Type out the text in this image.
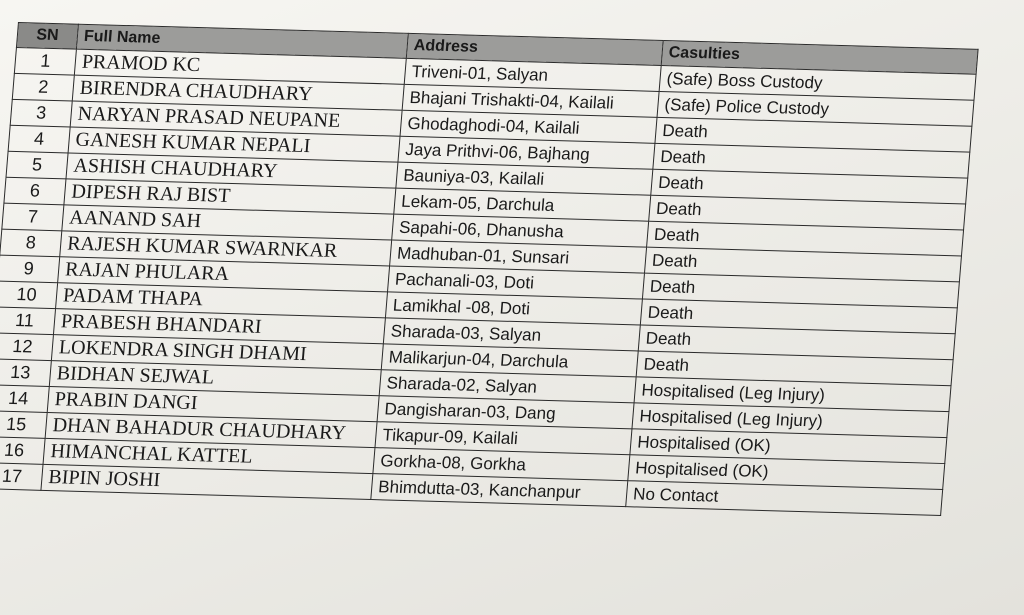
SN	Full Name	Address	Casulties
1	PRAMOD KC	Triveni-01, Salyan	(Safe) Boss Custody
2	BIRENDRA CHAUDHARY	Bhajani Trishakti-04, Kailali	(Safe) Police Custody
3	NARYAN PRASAD NEUPANE	Ghodaghodi-04, Kailali	Death
4	GANESH KUMAR NEPALI	Jaya Prithvi-06, Bajhang	Death
5	ASHISH CHAUDHARY	Bauniya-03, Kailali	Death
6	DIPESH RAJ BIST	Lekam-05, Darchula	Death
7	AANAND SAH	Sapahi-06, Dhanusha	Death
8	RAJESH KUMAR SWARNKAR	Madhuban-01, Sunsari	Death
9	RAJAN PHULARA	Pachanali-03, Doti	Death
10	PADAM THAPA	Lamikhal -08, Doti	Death
11	PRABESH BHANDARI	Sharada-03, Salyan	Death
12	LOKENDRA SINGH DHAMI	Malikarjun-04, Darchula	Death
13	BIDHAN SEJWAL	Sharada-02, Salyan	Hospitalised (Leg Injury)
14	PRABIN DANGI	Dangisharan-03, Dang	Hospitalised (Leg Injury)
15	DHAN BAHADUR CHAUDHARY	Tikapur-09, Kailali	Hospitalised (OK)
16	HIMANCHAL KATTEL	Gorkha-08, Gorkha	Hospitalised (OK)
17	BIPIN JOSHI	Bhimdutta-03, Kanchanpur	No Contact
